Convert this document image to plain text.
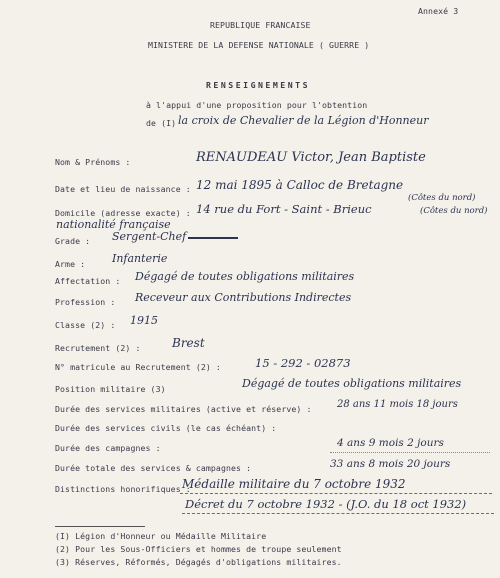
Annexé 3
REPUBLIQUE FRANCAISE
MINISTERE DE LA DEFENSE NATIONALE ( GUERRE )
RENSEIGNEMENTS
à l'appui d'une proposition pour l'obtention
de (I) la croix de Chevalier de la Légion d'Honneur
Nom & Prénoms :	RENAUDEAU Victor, Jean Baptiste
Date et lieu de naissance : 12 mai 1895 à Calloc de Bretagne
(Côtes du nord)
Domicile (adresse exacte) : 14 rue du Fort - Saint - Brieuc	(Côtes du nord)
nationalité française
Grade : Sergent-Chef
Arme : Infanterie
Affectation : Dégagé de toutes obligations militaires
Profession : Receveur aux Contributions Indirectes
Classe (2) : 1915
Recrutement (2) :	Brest
N° matricule au Recrutement (2) :	15 - 292 - 02873
Position militaire (3)	Dégagé de toutes obligations militaires
Durée des services militaires (active et réserve) :	28 ans 11 mois 18 jours
Durée des services civils (le cas échéant) :
Durée des campagnes :	4 ans 9 mois 2 jours
Durée totale des services & campagnes :	33 ans 8 mois 20 jours
Distinctions honorifiques :
Médaille militaire du 7 octobre 1932
Décret du 7 octobre 1932 - (J.O. du 18 oct 1932)
(I) Légion d'Honneur ou Médaille Militaire
(2) Pour les Sous-Officiers et hommes de troupe seulement
(3) Réserves, Réformés, Dégagés d'obligations militaires.
